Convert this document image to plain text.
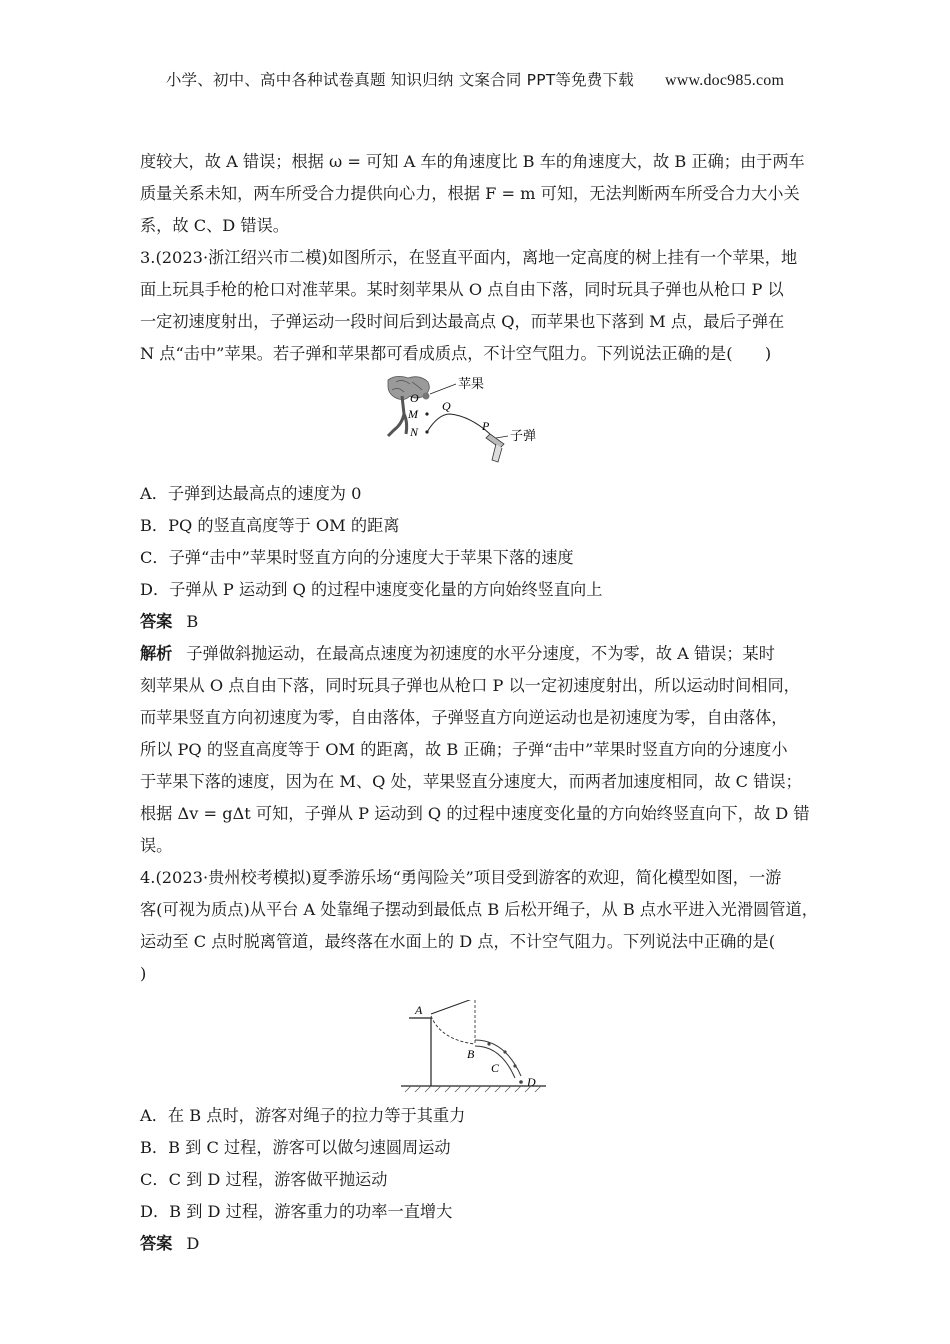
小学、初中、高中各种试卷真题 知识归纳 文案合同 PPT等免费下载 www.doc985.com
度较大，故 A 错误；根据 ω = 可知 A 车的角速度比 B 车的角速度大，故 B 正确；由于两车
质量关系未知，两车所受合力提供向心力，根据 F = m 可知，无法判断两车所受合力大小关
系，故 C、D 错误。
3.(2023·浙江绍兴市二模)如图所示，在竖直平面内，离地一定高度的树上挂有一个苹果，地
面上玩具手枪的枪口对准苹果。某时刻苹果从 O 点自由下落，同时玩具子弹也从枪口 P 以
一定初速度射出，子弹运动一段时间后到达最高点 Q，而苹果也下落到 M 点，最后子弹在
N 点“击中”苹果。若子弹和苹果都可看成质点，不计空气阻力。下列说法正确的是(　　)
苹果
O
M
N
Q
P
子弹
A．子弹到达最高点的速度为 0
B．PQ 的竖直高度等于 OM 的距离
C．子弹“击中”苹果时竖直方向的分速度大于苹果下落的速度
D．子弹从 P 运动到 Q 的过程中速度变化量的方向始终竖直向上
答案 B
解析 子弹做斜抛运动，在最高点速度为初速度的水平分速度，不为零，故 A 错误；某时
刻苹果从 O 点自由下落，同时玩具子弹也从枪口 P 以一定初速度射出，所以运动时间相同，
而苹果竖直方向初速度为零，自由落体，子弹竖直方向逆运动也是初速度为零，自由落体，
所以 PQ 的竖直高度等于 OM 的距离，故 B 正确；子弹“击中”苹果时竖直方向的分速度小
于苹果下落的速度，因为在 M、Q 处，苹果竖直分速度大，而两者加速度相同，故 C 错误；
根据 Δv = gΔt 可知，子弹从 P 运动到 Q 的过程中速度变化量的方向始终竖直向下，故 D 错
误。
4.(2023·贵州校考模拟)夏季游乐场“勇闯险关”项目受到游客的欢迎，简化模型如图，一游
客(可视为质点)从平台 A 处靠绳子摆动到最低点 B 后松开绳子，从 B 点水平进入光滑圆管道，
运动至 C 点时脱离管道，最终落在水面上的 D 点，不计空气阻力。下列说法中正确的是(
)
A
B
C
D
A．在 B 点时，游客对绳子的拉力等于其重力
B．B 到 C 过程，游客可以做匀速圆周运动
C．C 到 D 过程，游客做平抛运动
D．B 到 D 过程，游客重力的功率一直增大
答案 D
